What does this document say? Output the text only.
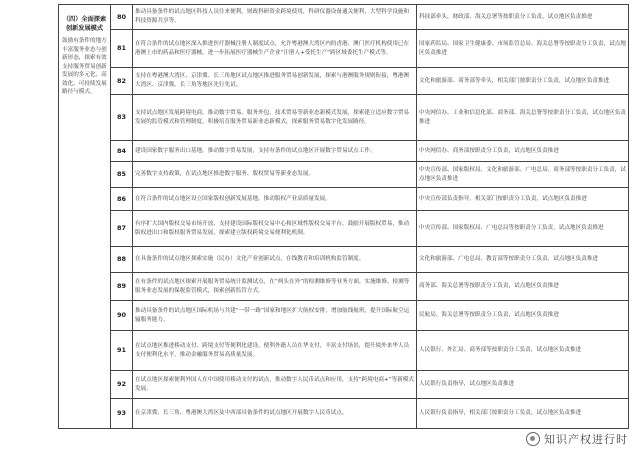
（四）全面探索创新发展模式
鼓励有条件的地方丰富服务业态与创新形态，探索有效支持服务贸易创新发展的多元化、高效化、可持续发展路径与模式。	80	推动具备条件的试点地区科技人员往来便利，财政科研资金跨境使用，科研仪器设备通关便利，大型科学设施和科技资源共享等。	科技部牵头，财政部、海关总署等按职责分工负责，试点地区负责推进
	81	在符合条件的试点地区深入推进医疗器械注册人制度试点，允许粤港澳大湾区内的香港、澳门医疗机构使用已在港澳上市的药品和医疗器械，进一步拓展医疗器械生产企业“注册人+受托生产”跨区域委托生产模式等。	国家药监局、国家卫生健康委、市场监管总局、海关总署等按职责分工负责，试点地区负责推进
	82	支持在粤港澳大湾区、京津冀、长三角地区试点地区推进服务贸易创新发展，探索与港澳服务规则衔接，粤港澳大湾区、京津冀、长三角等地区先行先试。	文化和旅游部、商务部等牵头，相关部门按职责分工负责，试点地区负责推进
	83	支持试点地区发展跨境电商，推动数字贸易、服务外包、技术贸易等新业态新模式发展，探索建立适应数字贸易发展的监管模式和管理制度，积极培育服务贸易新业态新模式，探索服务贸易数字化发展路径。	中央网信办、工业和信息化部、商务部、海关总署等按职责分工负责，试点地区负责推进
	84	建设国家数字服务出口基地，推动数字贸易发展，支持有条件的试点地区开展数字贸易试点工作。	中央网信办、商务部按职责分工负责，试点地区负责推进
	85	完善数字支持政策，在试点地区推进数字服务、版权贸易等新业态发展。	中央宣传部、国家版权局、文化和旅游部、广电总局、商务部等按职责分工负责，试点地区负责推进
	86	在符合条件的试点地区设立国家版权创新发展基地，推动版权产业高质量发展。	中央宣传部负责指导，相关部门按职责分工负责，试点地区负责推进
	87	有序扩大国内版权交易市场开放，支持建设国际版权交易中心和区域性版权交易平台，鼓励开展版权贸易，推动版权进出口和版权服务贸易发展，探索建立版权跨境交易便利化机制。	中央宣传部、国家版权局、广电总局等按职责分工负责，试点地区负责推进
	88	在具备条件的试点地区探索实施（民办）文化产业创新试点，在线教育和培训机构监管制度。	文化和旅游部、广电总局、教育部等按职责分工负责，试点地区负责推进
	89	在有条件的试点地区探索开展服务贸易统计监测试点，在“两头在外”的检测维修等业务方面，实施维修、检测等服务业态发展的保税监管模式，探索创新监管方式。	商务部、海关总署等按职责分工负责，试点地区负责推进
	90	推动具备条件的试点地区国际机场与共建“一带一路”国家和地区扩大航权安排，增加航线航班，提升国际航空运输服务能力。	民航局、海关总署等按职责分工负责，试点地区负责推进
	91	在试点地区推进移动支付、跨境支付等便利化建设，便利外籍人员在华支付，丰富支付场景，提升境外来华人员支付便利化水平，推动金融服务贸易高质量发展。	人民银行、外汇局、商务部等按职责分工负责，试点地区负责推进
	92	在试点地区探索便利外国人在中国使用移动支付的试点，推动数字人民币试点和应用，支持“跨境电商+”等新模式发展。	人民银行负责指导，试点地区负责推进
	93	在京津冀、长三角、粤港澳大湾区及中西部具备条件的试点地区开展数字人民币试点。	人民银行负责指导，相关部门按职责分工负责，试点地区负责推进
知识产权进行时
